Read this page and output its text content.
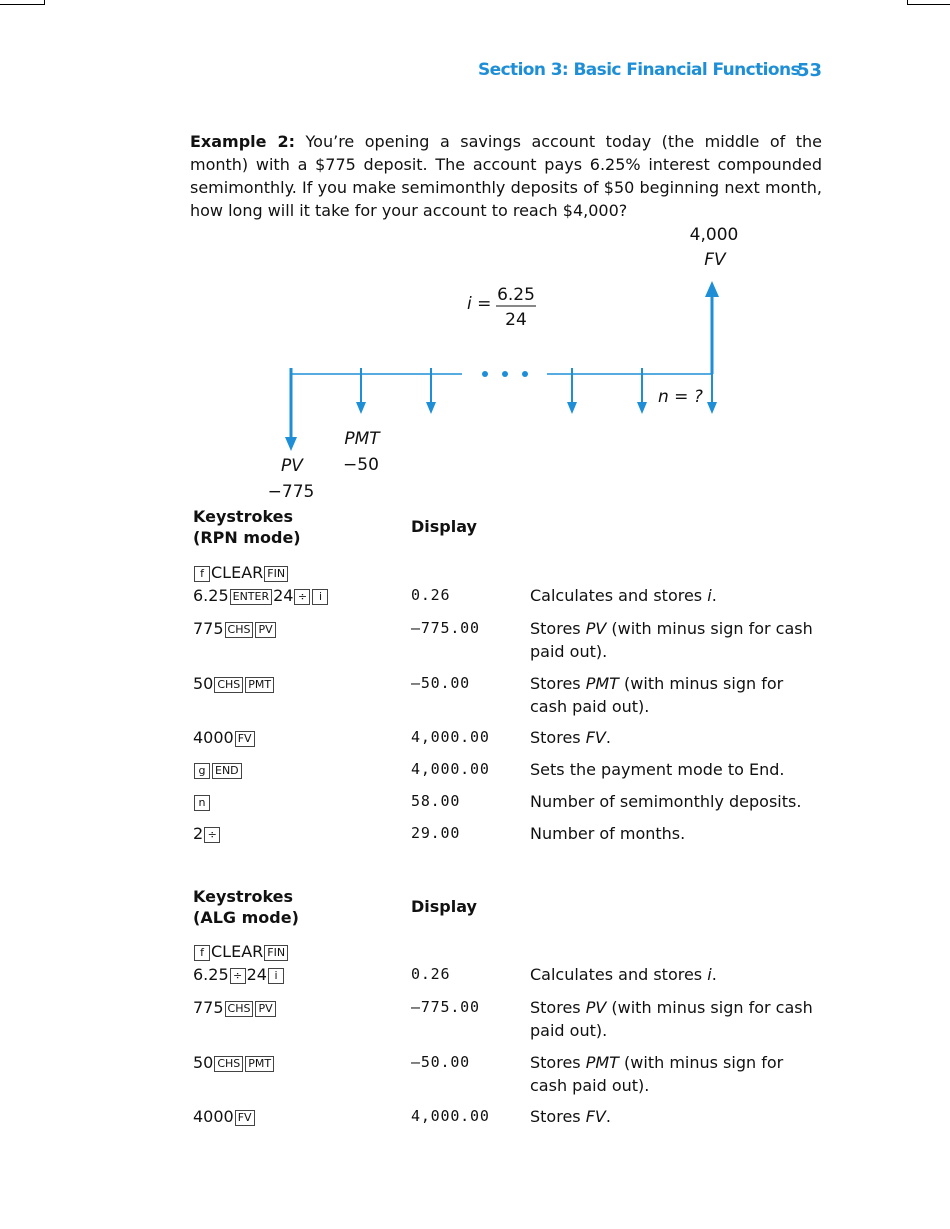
Section 3: Basic Financial Functions
53
Example 2: You’re opening a savings account today (the middle of the month) with a $775 deposit. The account pays 6.25% interest compounded semimonthly. If you make semimonthly deposits of $50 beginning next month, how long will it take for your account to reach $4,000?
4,000
FV
i = 6.25
24
n = ?
PMT
−50
PV
−775
Keystrokes
(RPN mode)
Display
f CLEAR FIN
6.25 ENTER 24 ÷ i	0.26	Calculates and stores i.
775 CHS PV	–775.00	Stores PV (with minus sign for cash paid out).
50 CHS PMT	–50.00	Stores PMT (with minus sign for cash paid out).
4000 FV	4,000.00	Stores FV.
g END	4,000.00	Sets the payment mode to End.
n	58.00	Number of semimonthly deposits.
2 ÷	29.00	Number of months.
Keystrokes
(ALG mode)
Display
f CLEAR FIN
6.25 ÷ 24 i	0.26	Calculates and stores i.
775 CHS PV	–775.00	Stores PV (with minus sign for cash paid out).
50 CHS PMT	–50.00	Stores PMT (with minus sign for cash paid out).
4000 FV	4,000.00	Stores FV.
